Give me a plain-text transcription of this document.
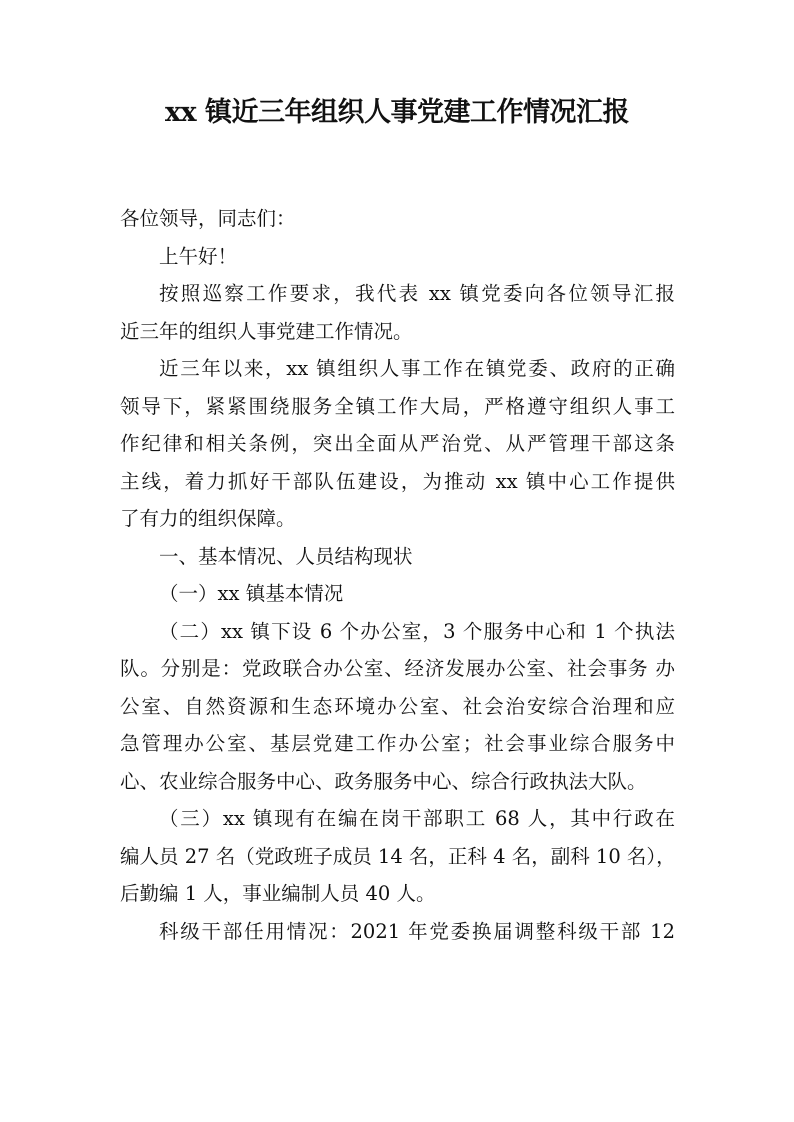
xx 镇近三年组织人事党建工作情况汇报

各位领导，同志们：

上午好！

按照巡察工作要求，我代表 xx 镇党委向各位领导汇报
近三年的组织人事党建工作情况。

近三年以来，xx 镇组织人事工作在镇党委、政府的正确
领导下，紧紧围绕服务全镇工作大局，严格遵守组织人事工
作纪律和相关条例，突出全面从严治党、从严管理干部这条
主线，着力抓好干部队伍建设，为推动 xx 镇中心工作提供
了有力的组织保障。

一、基本情况、人员结构现状

（一）xx 镇基本情况

（二）xx 镇下设 6 个办公室，3 个服务中心和 1 个执法
队。分别是：党政联合办公室、经济发展办公室、社会事务 办
公室、自然资源和生态环境办公室、社会治安综合治理和应
急管理办公室、基层党建工作办公室；社会事业综合服务中
心、农业综合服务中心、政务服务中心、综合行政执法大队。

（三）xx 镇现有在编在岗干部职工 68 人，其中行政在
编人员 27 名（党政班子成员 14 名，正科 4 名，副科 10 名），
后勤编 1 人，事业编制人员 40 人。

科级干部任用情况：2021 年党委换届调整科级干部 12
